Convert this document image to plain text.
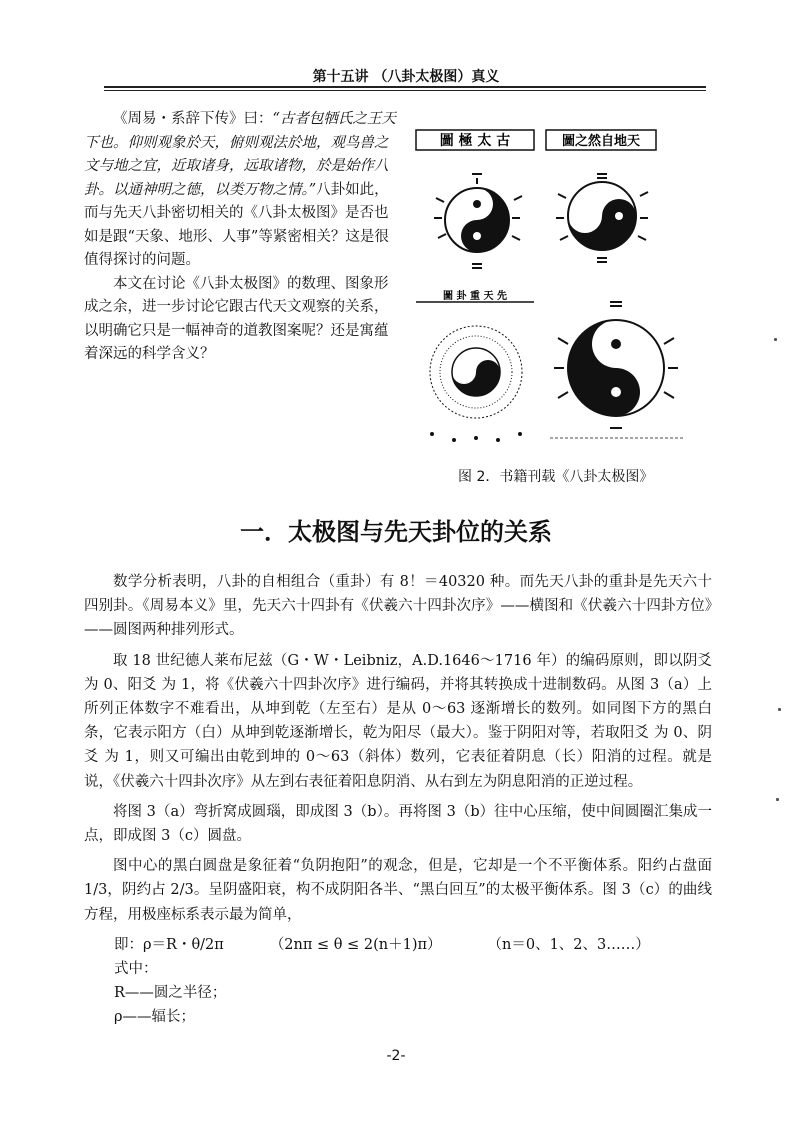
第十五讲 （八卦太极图）真义

《周易・系辞下传》曰：“古者包牺氏之王天下也。仰则观象於天，俯则观法於地，观鸟兽之文与地之宜，近取诸身，远取诸物，於是始作八卦。以通神明之德，以类万物之情。”八卦如此，而与先天八卦密切相关的《八卦太极图》是否也如是跟“天象、地形、人事”等紧密相关？这是很值得探讨的问题。

本文在讨论《八卦太极图》的数理、图象形成之余，进一步讨论它跟古代天文观察的关系，以明确它只是一幅神奇的道教图案呢？还是寓蕴着深远的科学含义？

圖 極 太 古	圖之然自地天
圖 卦 重 天 先
图 2．书籍刊载《八卦太极图》
一．太极图与先天卦位的关系

数学分析表明，八卦的自相组合（重卦）有 8！＝40320 种。而先天八卦的重卦是先天六十四别卦。《周易本义》里，先天六十四卦有《伏羲六十四卦次序》——横图和《伏羲六十四卦方位》——圆图两种排列形式。

取 18 世纪德人莱布尼兹（G・W・Leibniz，A.D.1646～1716 年）的编码原则，即以阴爻 为 0、阳爻 为 1，将《伏羲六十四卦次序》进行编码，并将其转换成十进制数码。从图 3（a）上所列正体数字不难看出，从坤到乾（左至右）是从 0～63 逐渐增长的数列。如同图下方的黑白条，它表示阳方（白）从坤到乾逐渐增长，乾为阳尽（最大）。鉴于阴阳对等，若取阳爻 为 0、阴爻 为 1，则又可编出由乾到坤的 0～63（斜体）数列，它表征着阴息（长）阳消的过程。就是说，《伏羲六十四卦次序》从左到右表征着阳息阴消、从右到左为阴息阳消的正逆过程。

将图 3（a）弯折窝成圆瑙，即成图 3（b）。再将图 3（b）往中心压缩，使中间圆圈汇集成一点，即成图 3（c）圆盘。

图中心的黑白圆盘是象征着“负阴抱阳”的观念，但是，它却是一个不平衡体系。阳约占盘面 1/3，阴约占 2/3。呈阴盛阳衰，构不成阴阳各半、“黑白回互”的太极平衡体系。图 3（c）的曲线方程，用极座标系表示最为简单，

即：ρ＝R・θ/2π	（2nπ ≤ θ ≤ 2(n＋1)π）	（n＝0、1、2、3……）
式中：
R——圆之半径；
ρ——辐长；
-2-
